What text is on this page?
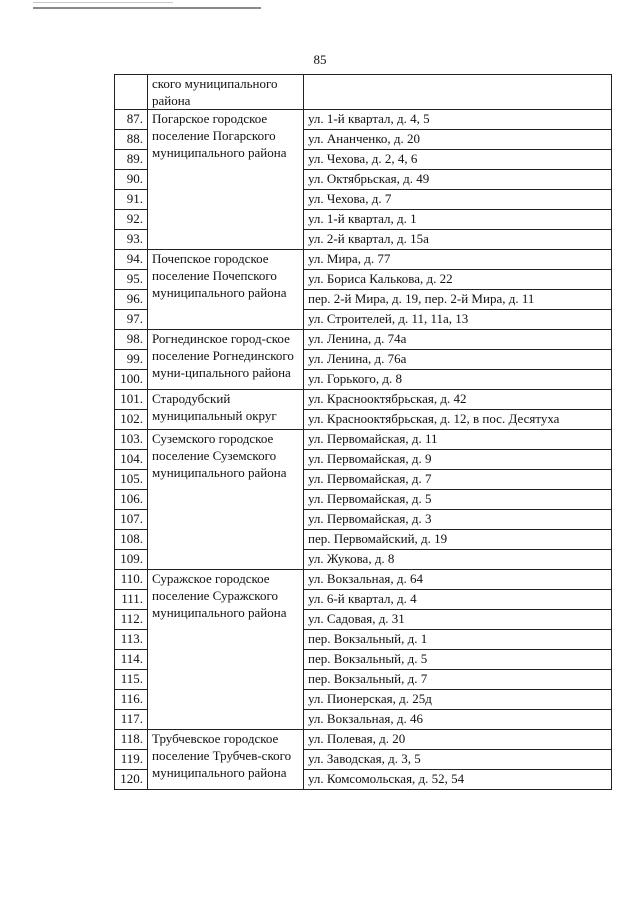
85
	ского муниципального района	
87.	Погарское городское поселение Погарского муниципального района	ул. 1-й квартал, д. 4, 5
88.		ул. Ананченко, д. 20
89.		ул. Чехова, д. 2, 4, 6
90.		ул. Октябрьская, д. 49
91.		ул. Чехова, д. 7
92.		ул. 1-й квартал, д. 1
93.		ул. 2-й квартал, д. 15а
94.	Почепское городское поселение Почепского муниципального района	ул. Мира, д. 77
95.		ул. Бориса Калькова, д. 22
96.		пер. 2-й Мира, д. 19, пер. 2-й Мира, д. 11
97.		ул. Строителей, д. 11, 11а, 13
98.	Рогнединское город-ское поселение Рогнединского муни-ципального района	ул. Ленина, д. 74а
99.		ул. Ленина, д. 76а
100.		ул. Горького, д. 8
101.	Стародубский муниципальный округ	ул. Краснооктябрьская, д. 42
102.		ул. Краснооктябрьская, д. 12, в пос. Десятуха
103.	Суземского городское поселение Суземского муниципального района	ул. Первомайская, д. 11
104.		ул. Первомайская, д. 9
105.		ул. Первомайская, д. 7
106.		ул. Первомайская, д. 5
107.		ул. Первомайская, д. 3
108.		пер. Первомайский, д. 19
109.		ул. Жукова, д. 8
110.	Суражское городское поселение Суражского муниципального района	ул. Вокзальная, д. 64
111.		ул. 6-й квартал, д. 4
112.		ул. Садовая, д. 31
113.		пер. Вокзальный, д. 1
114.		пер. Вокзальный, д. 5
115.		пер. Вокзальный, д. 7
116.		ул. Пионерская, д. 25д
117.		ул. Вокзальная, д. 46
118.	Трубчевское городское поселение Трубчев-ского муниципального района	ул. Полевая, д. 20
119.		ул. Заводская, д. 3, 5
120.		ул. Комсомольская, д. 52, 54
